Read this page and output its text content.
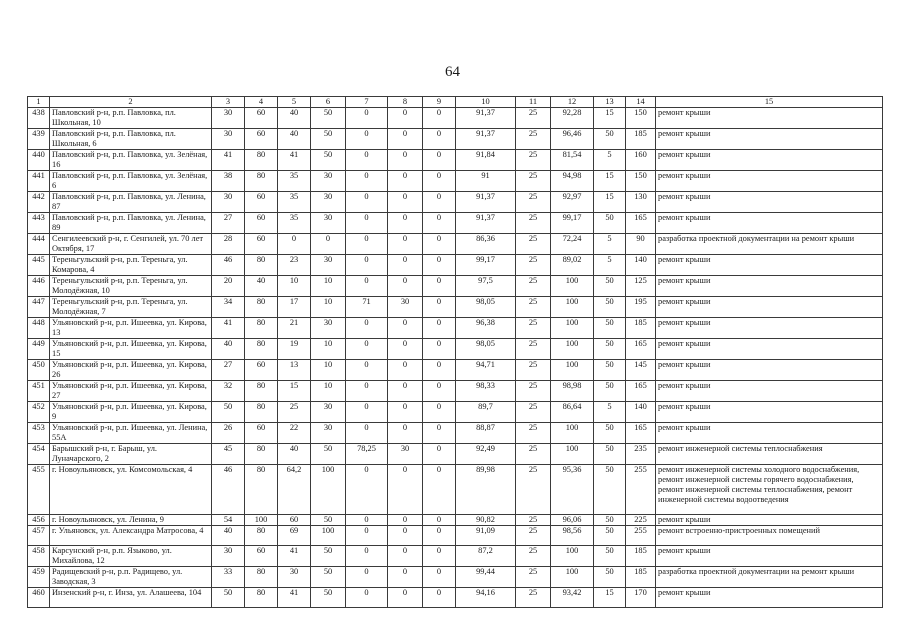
64
1	2	3	4	5	6	7	8	9	10	11	12	13	14	15
438	Павловский р-н, р.п. Павловка, пл. Школьная, 10	30	60	40	50	0	0	0	91,37	25	92,28	15	150	ремонт крыши
439	Павловский р-н, р.п. Павловка, пл. Школьная, 6	30	60	40	50	0	0	0	91,37	25	96,46	50	185	ремонт крыши
440	Павловский р-н, р.п. Павловка, ул. Зелёная, 16	41	80	41	50	0	0	0	91,84	25	81,54	5	160	ремонт крыши
441	Павловский р-н, р.п. Павловка, ул. Зелёная, 6	38	80	35	30	0	0	0	91	25	94,98	15	150	ремонт крыши
442	Павловский р-н, р.п. Павловка, ул. Ленина, 87	30	60	35	30	0	0	0	91,37	25	92,97	15	130	ремонт крыши
443	Павловский р-н, р.п. Павловка, ул. Ленина, 89	27	60	35	30	0	0	0	91,37	25	99,17	50	165	ремонт крыши
444	Сенгилеевский р-н, г. Сенгилей, ул. 70 лет Октября, 17	28	60	0	0	0	0	0	86,36	25	72,24	5	90	разработка проектной документации на ремонт крыши
445	Тереньгульский р-н, р.п. Тереньга, ул. Комарова, 4	46	80	23	30	0	0	0	99,17	25	89,02	5	140	ремонт крыши
446	Тереньгульский р-н, р.п. Тереньга, ул. Молодёжная, 10	20	40	10	10	0	0	0	97,5	25	100	50	125	ремонт крыши
447	Тереньгульский р-н, р.п. Тереньга, ул. Молодёжная, 7	34	80	17	10	71	30	0	98,05	25	100	50	195	ремонт крыши
448	Ульяновский р-н, р.п. Ишеевка, ул. Кирова, 13	41	80	21	30	0	0	0	96,38	25	100	50	185	ремонт крыши
449	Ульяновский р-н, р.п. Ишеевка, ул. Кирова, 15	40	80	19	10	0	0	0	98,05	25	100	50	165	ремонт крыши
450	Ульяновский р-н, р.п. Ишеевка, ул. Кирова, 26	27	60	13	10	0	0	0	94,71	25	100	50	145	ремонт крыши
451	Ульяновский р-н, р.п. Ишеевка, ул. Кирова, 27	32	80	15	10	0	0	0	98,33	25	98,98	50	165	ремонт крыши
452	Ульяновский р-н, р.п. Ишеевка, ул. Кирова, 9	50	80	25	30	0	0	0	89,7	25	86,64	5	140	ремонт крыши
453	Ульяновский р-н, р.п. Ишеевка, ул. Ленина, 55А	26	60	22	30	0	0	0	88,87	25	100	50	165	ремонт крыши
454	Барышский р-н, г. Барыш, ул. Луначарского, 2	45	80	40	50	78,25	30	0	92,49	25	100	50	235	ремонт инженерной системы теплоснабжения
455	г. Новоульяновск, ул. Комсомольская, 4	46	80	64,2	100	0	0	0	89,98	25	95,36	50	255	ремонт инженерной системы холодного водоснабжения, ремонт инженерной системы горячего водоснабжения, ремонт инженерной системы теплоснабжения, ремонт инженерной системы водоотведения
456	г. Новоульяновск, ул. Ленина, 9	54	100	60	50	0	0	0	90,82	25	96,06	50	225	ремонт крыши
457	г. Ульяновск, ул. Александра Матросова, 4	40	80	69	100	0	0	0	91,09	25	98,56	50	255	ремонт встроенно-пристроенных помещений
458	Карсунский р-н, р.п. Языково, ул. Михайлова, 12	30	60	41	50	0	0	0	87,2	25	100	50	185	ремонт крыши
459	Радищевский р-н, р.п. Радищево, ул. Заводская, 3	33	80	30	50	0	0	0	99,44	25	100	50	185	разработка проектной документации на ремонт крыши
460	Инзенский р-н, г. Инза, ул. Алашеева, 104	50	80	41	50	0	0	0	94,16	25	93,42	15	170	ремонт крыши
